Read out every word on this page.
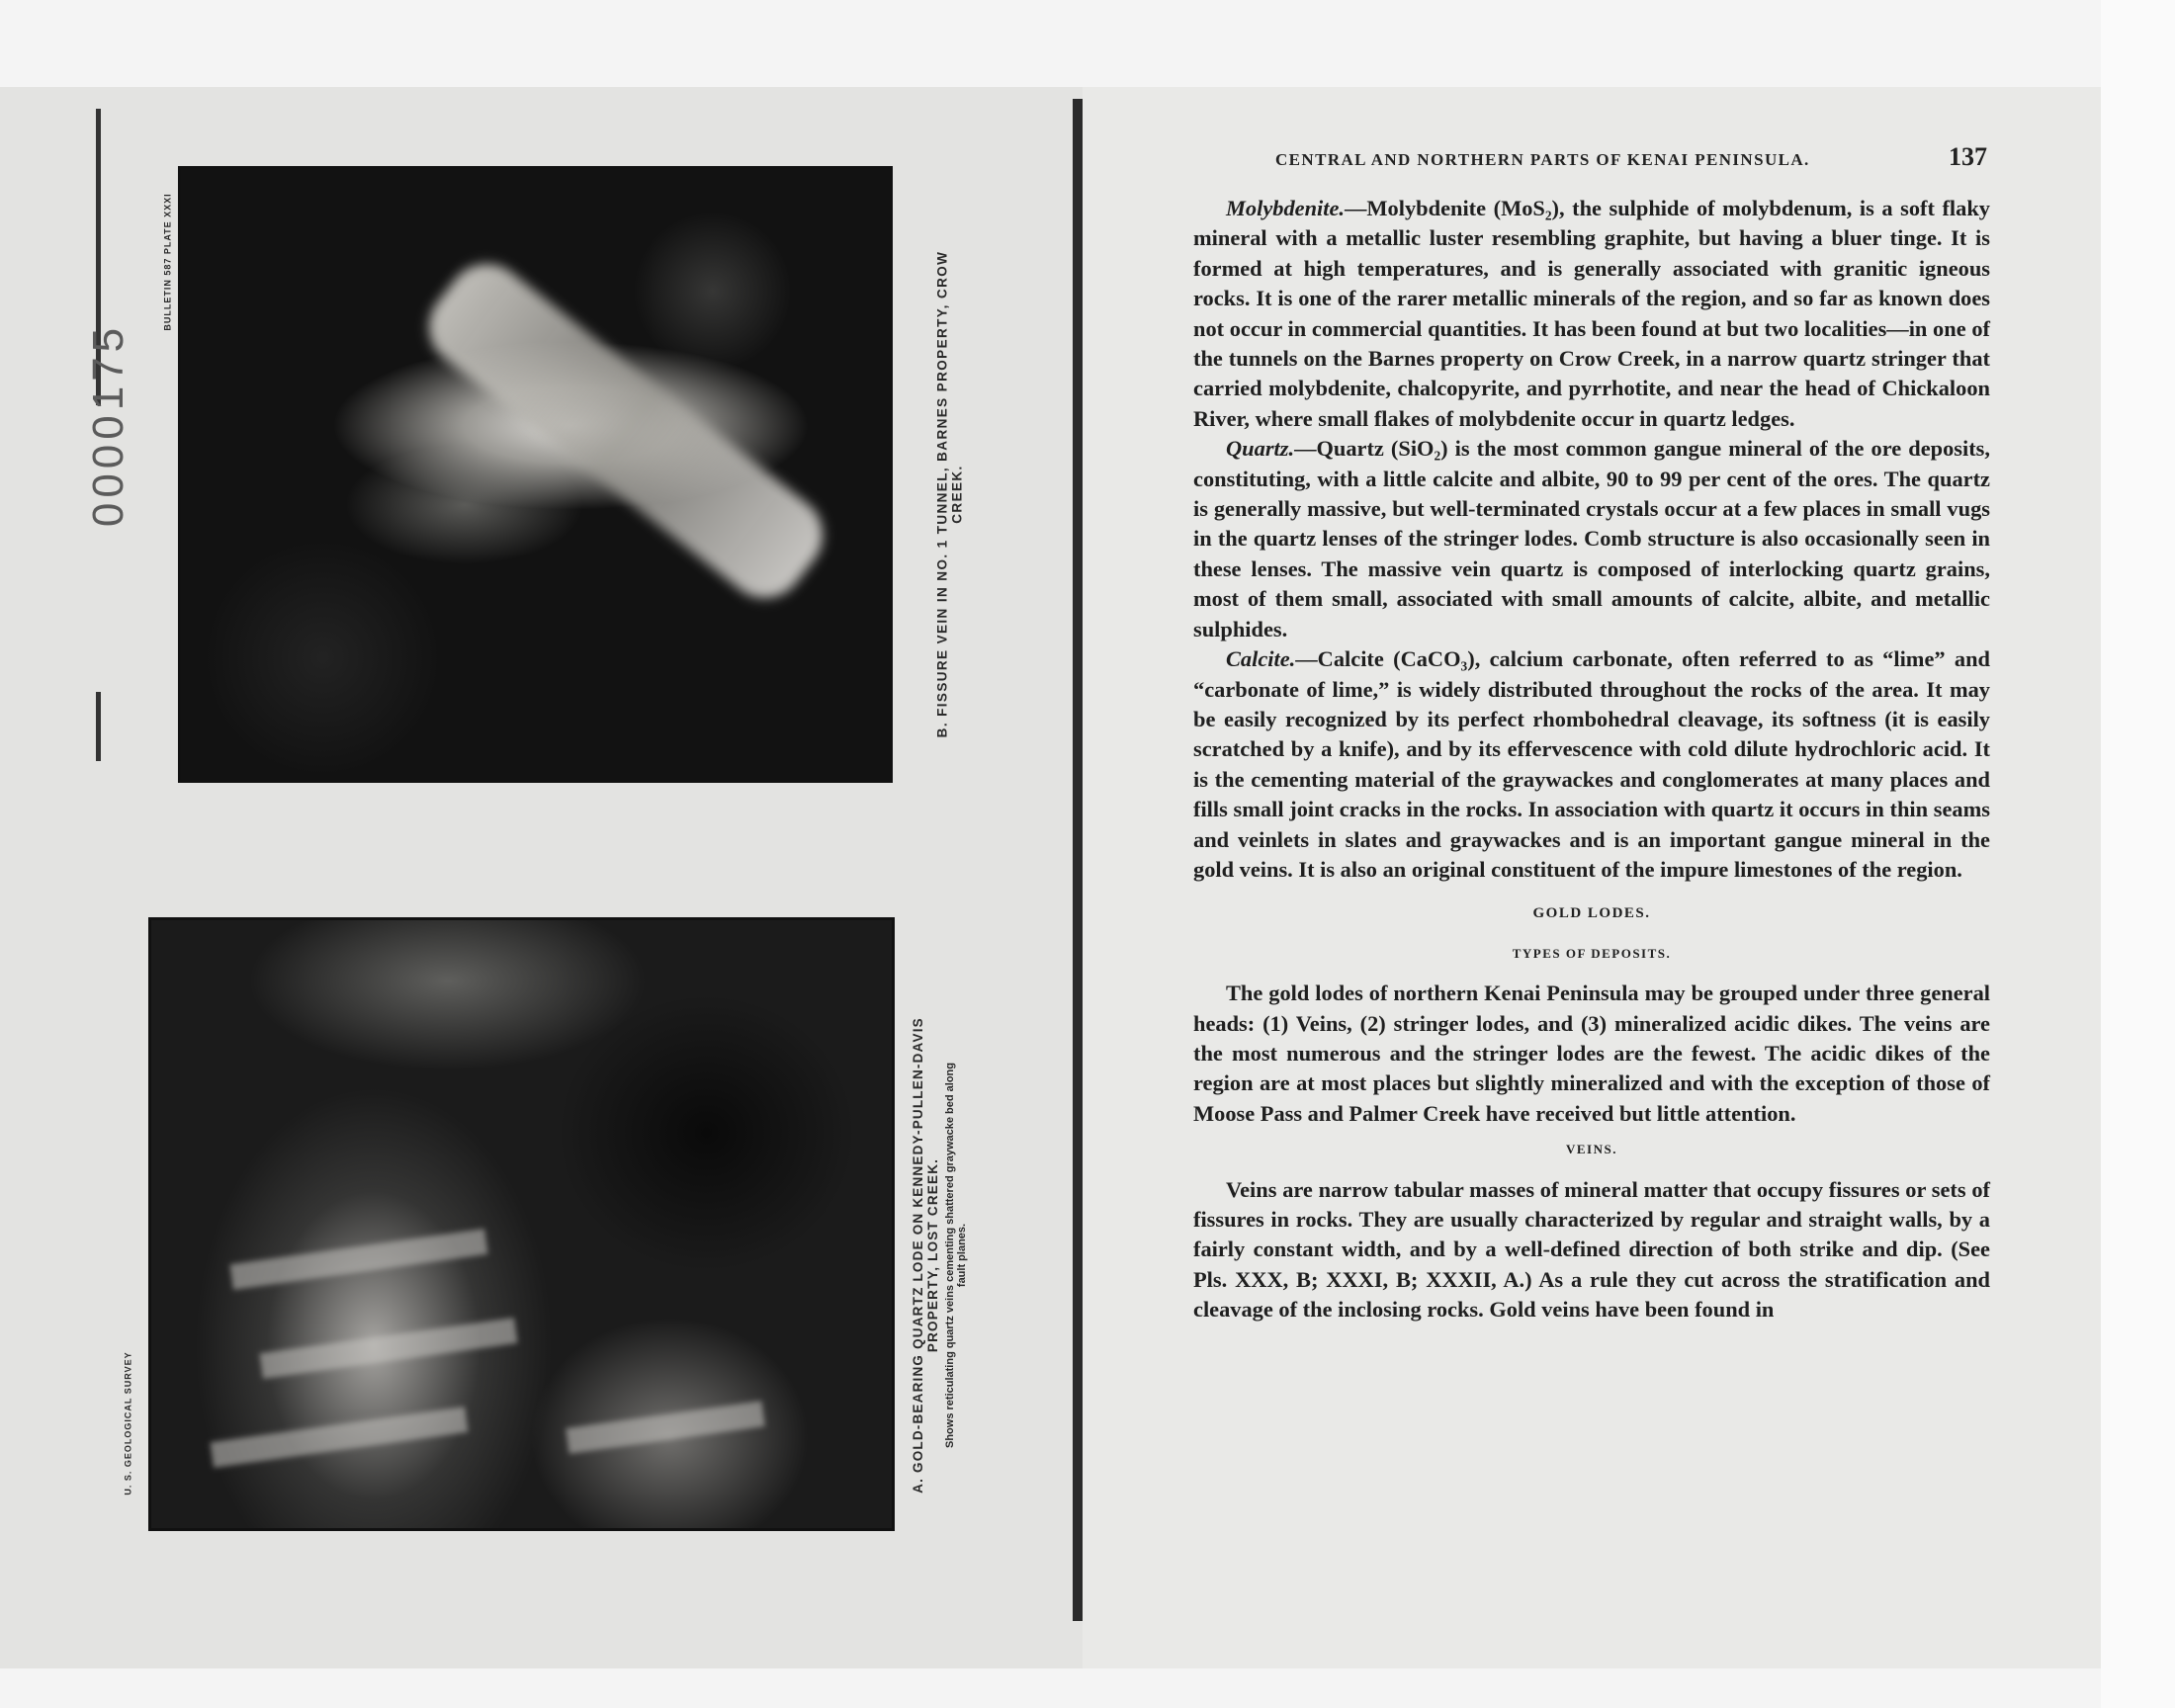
0000175
BULLETIN 587 PLATE XXXI
U. S. GEOLOGICAL SURVEY
B. FISSURE VEIN IN NO. 1 TUNNEL, BARNES PROPERTY, CROW CREEK.
A. GOLD-BEARING QUARTZ LODE ON KENNEDY-PULLEN-DAVIS PROPERTY, LOST CREEK. Shows reticulating quartz veins cementing shattered graywacke bed along fault planes.
CENTRAL AND NORTHERN PARTS OF KENAI PENINSULA.	137

Molybdenite.—Molybdenite (MoS₂), the sulphide of molybdenum, is a soft flaky mineral with a metallic luster resembling graphite, but having a bluer tinge. It is formed at high temperatures, and is generally associated with granitic igneous rocks. It is one of the rarer metallic minerals of the region, and so far as known does not occur in commercial quantities. It has been found at but two localities—in one of the tunnels on the Barnes property on Crow Creek, in a narrow quartz stringer that carried molybdenite, chalcopyrite, and pyrrhotite, and near the head of Chickaloon River, where small flakes of molybdenite occur in quartz ledges.

Quartz.—Quartz (SiO₂) is the most common gangue mineral of the ore deposits, constituting, with a little calcite and albite, 90 to 99 per cent of the ores. The quartz is generally massive, but well-terminated crystals occur at a few places in small vugs in the quartz lenses of the stringer lodes. Comb structure is also occasionally seen in these lenses. The massive vein quartz is composed of interlocking quartz grains, most of them small, associated with small amounts of calcite, albite, and metallic sulphides.

Calcite.—Calcite (CaCO₃), calcium carbonate, often referred to as “lime” and “carbonate of lime,” is widely distributed throughout the rocks of the area. It may be easily recognized by its perfect rhombohedral cleavage, its softness (it is easily scratched by a knife), and by its effervescence with cold dilute hydrochloric acid. It is the cementing material of the graywackes and conglomerates at many places and fills small joint cracks in the rocks. In association with quartz it occurs in thin seams and veinlets in slates and graywackes and is an important gangue mineral in the gold veins. It is also an original constituent of the impure limestones of the region.

GOLD LODES.
TYPES OF DEPOSITS.

The gold lodes of northern Kenai Peninsula may be grouped under three general heads: (1) Veins, (2) stringer lodes, and (3) mineralized acidic dikes. The veins are the most numerous and the stringer lodes are the fewest. The acidic dikes of the region are at most places but slightly mineralized and with the exception of those of Moose Pass and Palmer Creek have received but little attention.

VEINS.

Veins are narrow tabular masses of mineral matter that occupy fissures or sets of fissures in rocks. They are usually characterized by regular and straight walls, by a fairly constant width, and by a well-defined direction of both strike and dip. (See Pls. XXX, B; XXXI, B; XXXII, A.) As a rule they cut across the stratification and cleavage of the inclosing rocks. Gold veins have been found in
